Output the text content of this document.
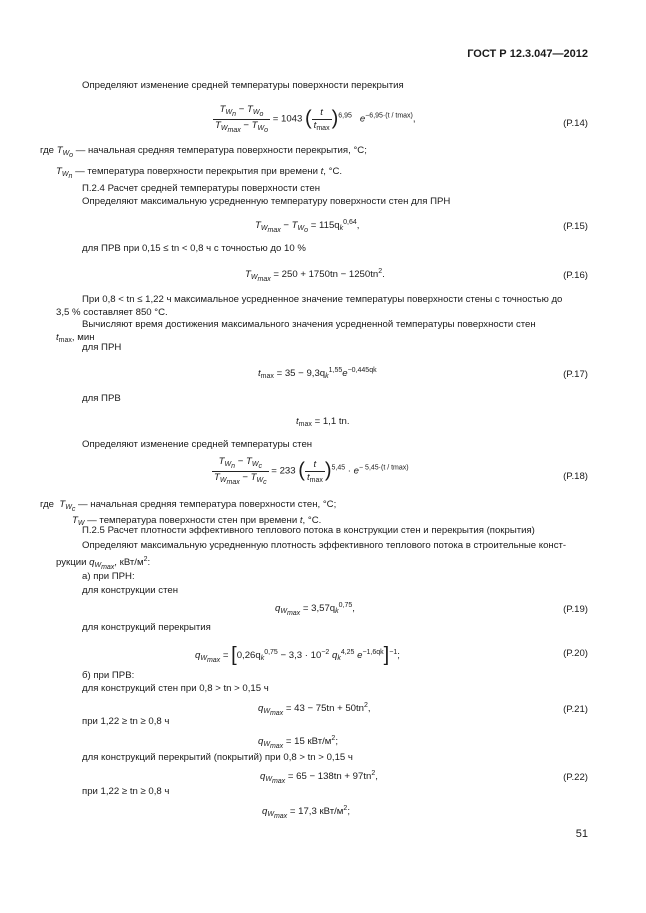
ГОСТ Р 12.3.047—2012
Определяют изменение средней температуры поверхности перекрытия
$\frac{T_{Wn} - T_{Wo}}{T_{Wmax} - T_{Wo}} = 1043$ ( $\frac{t}{t_{max}} )^{6,95}$ $e^{-6,95\cdot(t / tmax)}$,	(P.14)
где $T_{Wo}$ — начальная средняя температура поверхности перекрытия, °C;
$T_{Wn}$ — температура поверхности перекрытия при времени t, °C.
П.2.4 Расчет средней температуры поверхности стен
Определяют максимальную усредненную температуру поверхности стен для ПРН
$T_{Wmax} - T_{Wo} = 115q_k^{0,64}$,	(P.15)
для ПРВ при 0,15 ≤ tn < 0,8 ч с точностью до 10 %
$T_{Wmax} = 250 + 1750tn - 1250tn^2$.	(P.16)
При 0,8 < tn ≤ 1,22 ч максимальное усредненное значение температуры поверхности стены с точностью до
3,5 % составляет 850 °C.
Вычисляют время достижения максимального значения усредненной температуры поверхности стен
$t_{max}$, мин
для ПРН
$t_{max} = 35 - 9,3q_k^{1,55}e^{-0,445qk}$	(P.17)
для ПРВ
$t_{max} = 1,1$ tn.
Определяют изменение средней температуры стен
$\frac{T_{Wn} - T_{Wc}}{T_{Wmax} - T_{Wc}} = 233$ ( $\frac{t}{t_{max}} )^{5,45} \cdot e^{- 5,45\cdot(t / tmax)}$
(P.18)
где $T_{Wc}$ — начальная средняя температура поверхности стен, °C;
$T_W$ — температура поверхности стен при времени t, °C.
П.2.5 Расчет плотности эффективного теплового потока в конструкции стен и перекрытия (покрытия)
Определяют максимальную усредненную плотность эффективного теплового потока в строительные конст-
рукции $q_{Wmax}$, кВт/$м^2$:
а) при ПРН:
для конструкции стен
$q_{Wmax} = 3,57q_k^{0,75}$,	(P.19)
для конструкций перекрытия
$q_{Wmax} = [0,26q_k^{0,75} - 3,3 \cdot 10^{-2}$ $q_k^{4,25}$ $e^{-1,6qk}]^{-1}$;	(P.20)
б) при ПРВ:
для конструкций стен при 0,8 > tn > 0,15 ч
$q_{Wmax} = 43 - 75tn + 50tn^2$,	(P.21)
при 1,22 ≥ tn ≥ 0,8 ч
$q_{Wmax} = 15$ кВт/$м^2$;
для конструкций перекрытий (покрытий) при 0,8 > tn > 0,15 ч
$q_{Wmax} = 65 - 138tn + 97tn^2$,	(P.22)
при 1,22 ≥ tn ≥ 0,8 ч
$q_{Wmax} = 17,3$ кВт/$м^2$;
51
